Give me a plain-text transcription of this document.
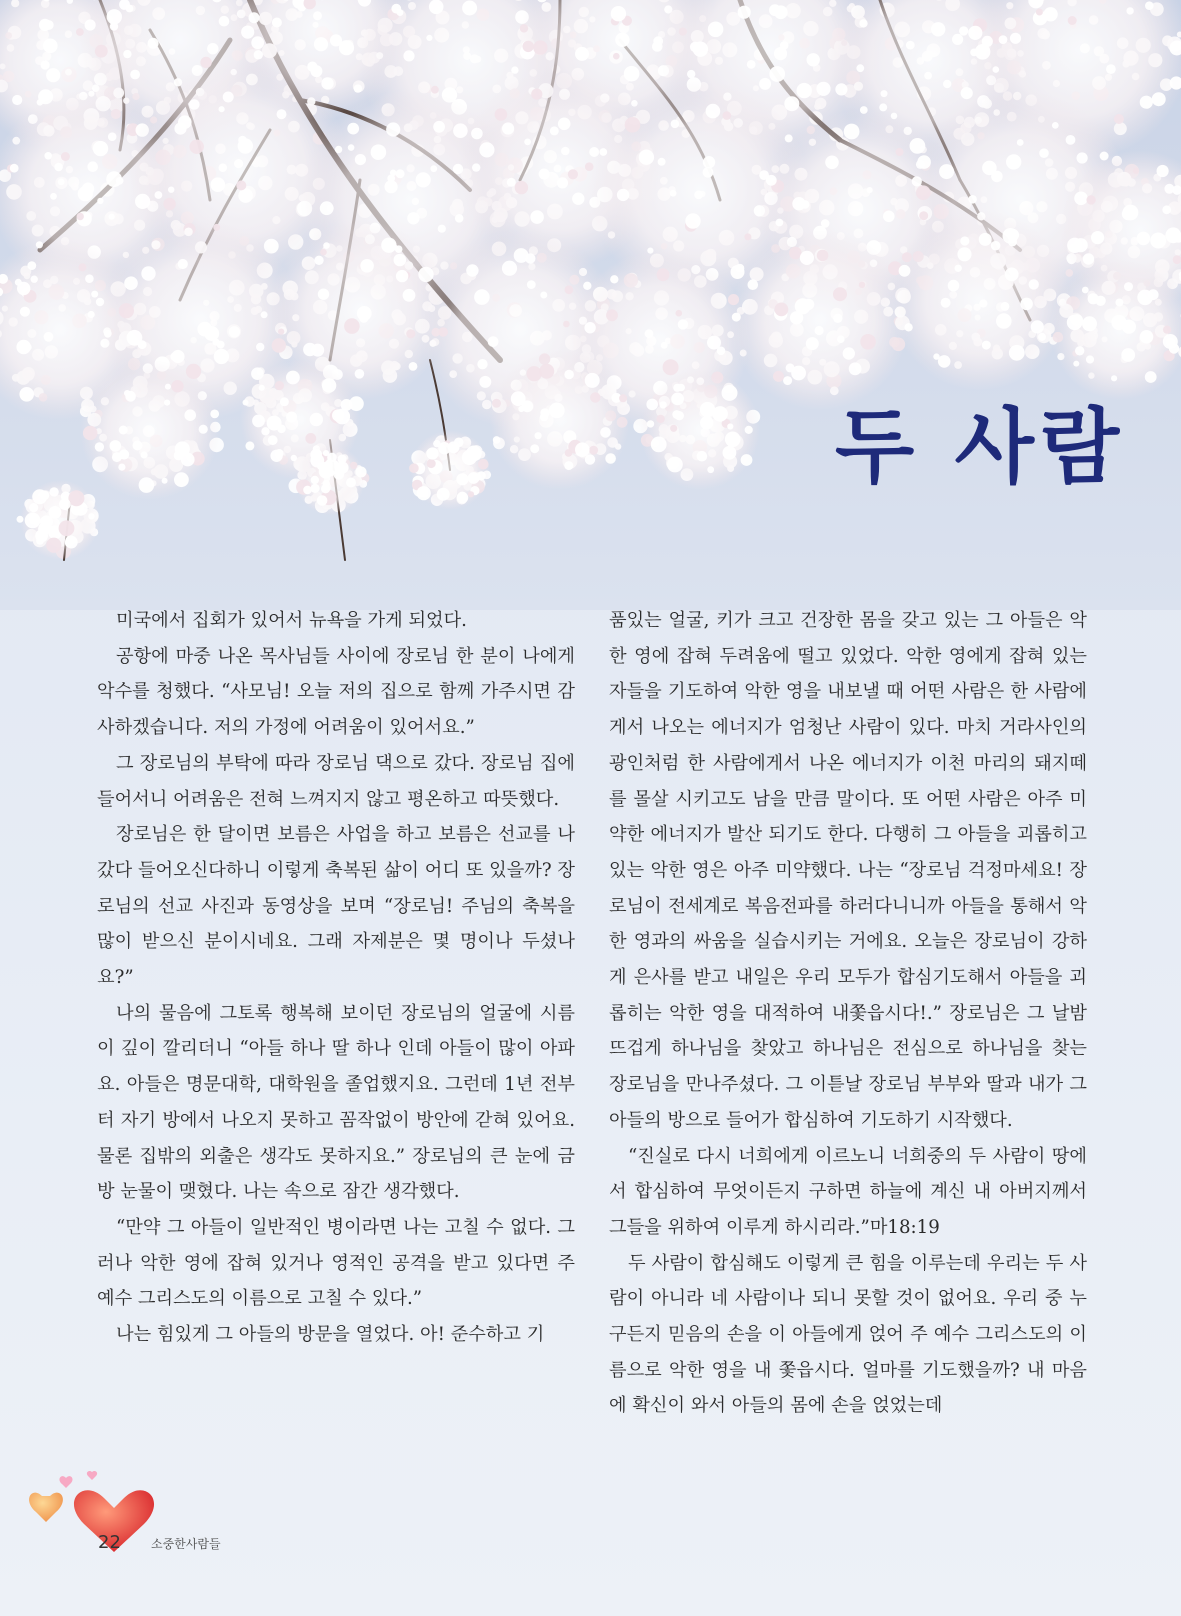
두 사람

미국에서 집회가 있어서 뉴욕을 가게 되었다.

공항에 마중 나온 목사님들 사이에 장로님 한 분이 나에게 악수를 청했다. “사모님! 오늘 저의 집으로 함께 가주시면 감사하겠습니다. 저의 가정에 어려움이 있어서요.”

그 장로님의 부탁에 따라 장로님 댁으로 갔다. 장로님 집에 들어서니 어려움은 전혀 느껴지지 않고 평온하고 따뜻했다.

장로님은 한 달이면 보름은 사업을 하고 보름은 선교를 나갔다 들어오신다하니 이렇게 축복된 삶이 어디 또 있을까? 장로님의 선교 사진과 동영상을 보며 “장로님! 주님의 축복을 많이 받으신 분이시네요. 그래 자제분은 몇 명이나 두셨나요?”

나의 물음에 그토록 행복해 보이던 장로님의 얼굴에 시름이 깊이 깔리더니 “아들 하나 딸 하나 인데 아들이 많이 아파요. 아들은 명문대학, 대학원을 졸업했지요. 그런데 1년 전부터 자기 방에서 나오지 못하고 꼼작없이 방안에 갇혀 있어요. 물론 집밖의 외출은 생각도 못하지요.” 장로님의 큰 눈에 금방 눈물이 맺혔다. 나는 속으로 잠간 생각했다.

“만약 그 아들이 일반적인 병이라면 나는 고칠 수 없다. 그러나 악한 영에 잡혀 있거나 영적인 공격을 받고 있다면 주 예수 그리스도의 이름으로 고칠 수 있다.”

나는 힘있게 그 아들의 방문을 열었다. 아! 준수하고 기

품있는 얼굴, 키가 크고 건장한 몸을 갖고 있는 그 아들은 악한 영에 잡혀 두려움에 떨고 있었다. 악한 영에게 잡혀 있는 자들을 기도하여 악한 영을 내보낼 때 어떤 사람은 한 사람에게서 나오는 에너지가 엄청난 사람이 있다. 마치 거라사인의 광인처럼 한 사람에게서 나온 에너지가 이천 마리의 돼지떼를 몰살 시키고도 남을 만큼 말이다. 또 어떤 사람은 아주 미약한 에너지가 발산 되기도 한다. 다행히 그 아들을 괴롭히고 있는 악한 영은 아주 미약했다. 나는 “장로님 걱정마세요! 장로님이 전세계로 복음전파를 하러다니니까 아들을 통해서 악한 영과의 싸움을 실습시키는 거에요. 오늘은 장로님이 강하게 은사를 받고 내일은 우리 모두가 합심기도해서 아들을 괴롭히는 악한 영을 대적하여 내쫓읍시다!.” 장로님은 그 날밤 뜨겁게 하나님을 찾았고 하나님은 전심으로 하나님을 찾는 장로님을 만나주셨다. 그 이튿날 장로님 부부와 딸과 내가 그 아들의 방으로 들어가 합심하여 기도하기 시작했다.

“진실로 다시 너희에게 이르노니 너희중의 두 사람이 땅에서 합심하여 무엇이든지 구하면 하늘에 계신 내 아버지께서 그들을 위하여 이루게 하시리라.”마18:19

두 사람이 합심해도 이렇게 큰 힘을 이루는데 우리는 두 사람이 아니라 네 사람이나 되니 못할 것이 없어요. 우리 중 누구든지 믿음의 손을 이 아들에게 얹어 주 예수 그리스도의 이름으로 악한 영을 내 쫓읍시다. 얼마를 기도했을까? 내 마음에 확신이 와서 아들의 몸에 손을 얹었는데

22	소중한사람들
